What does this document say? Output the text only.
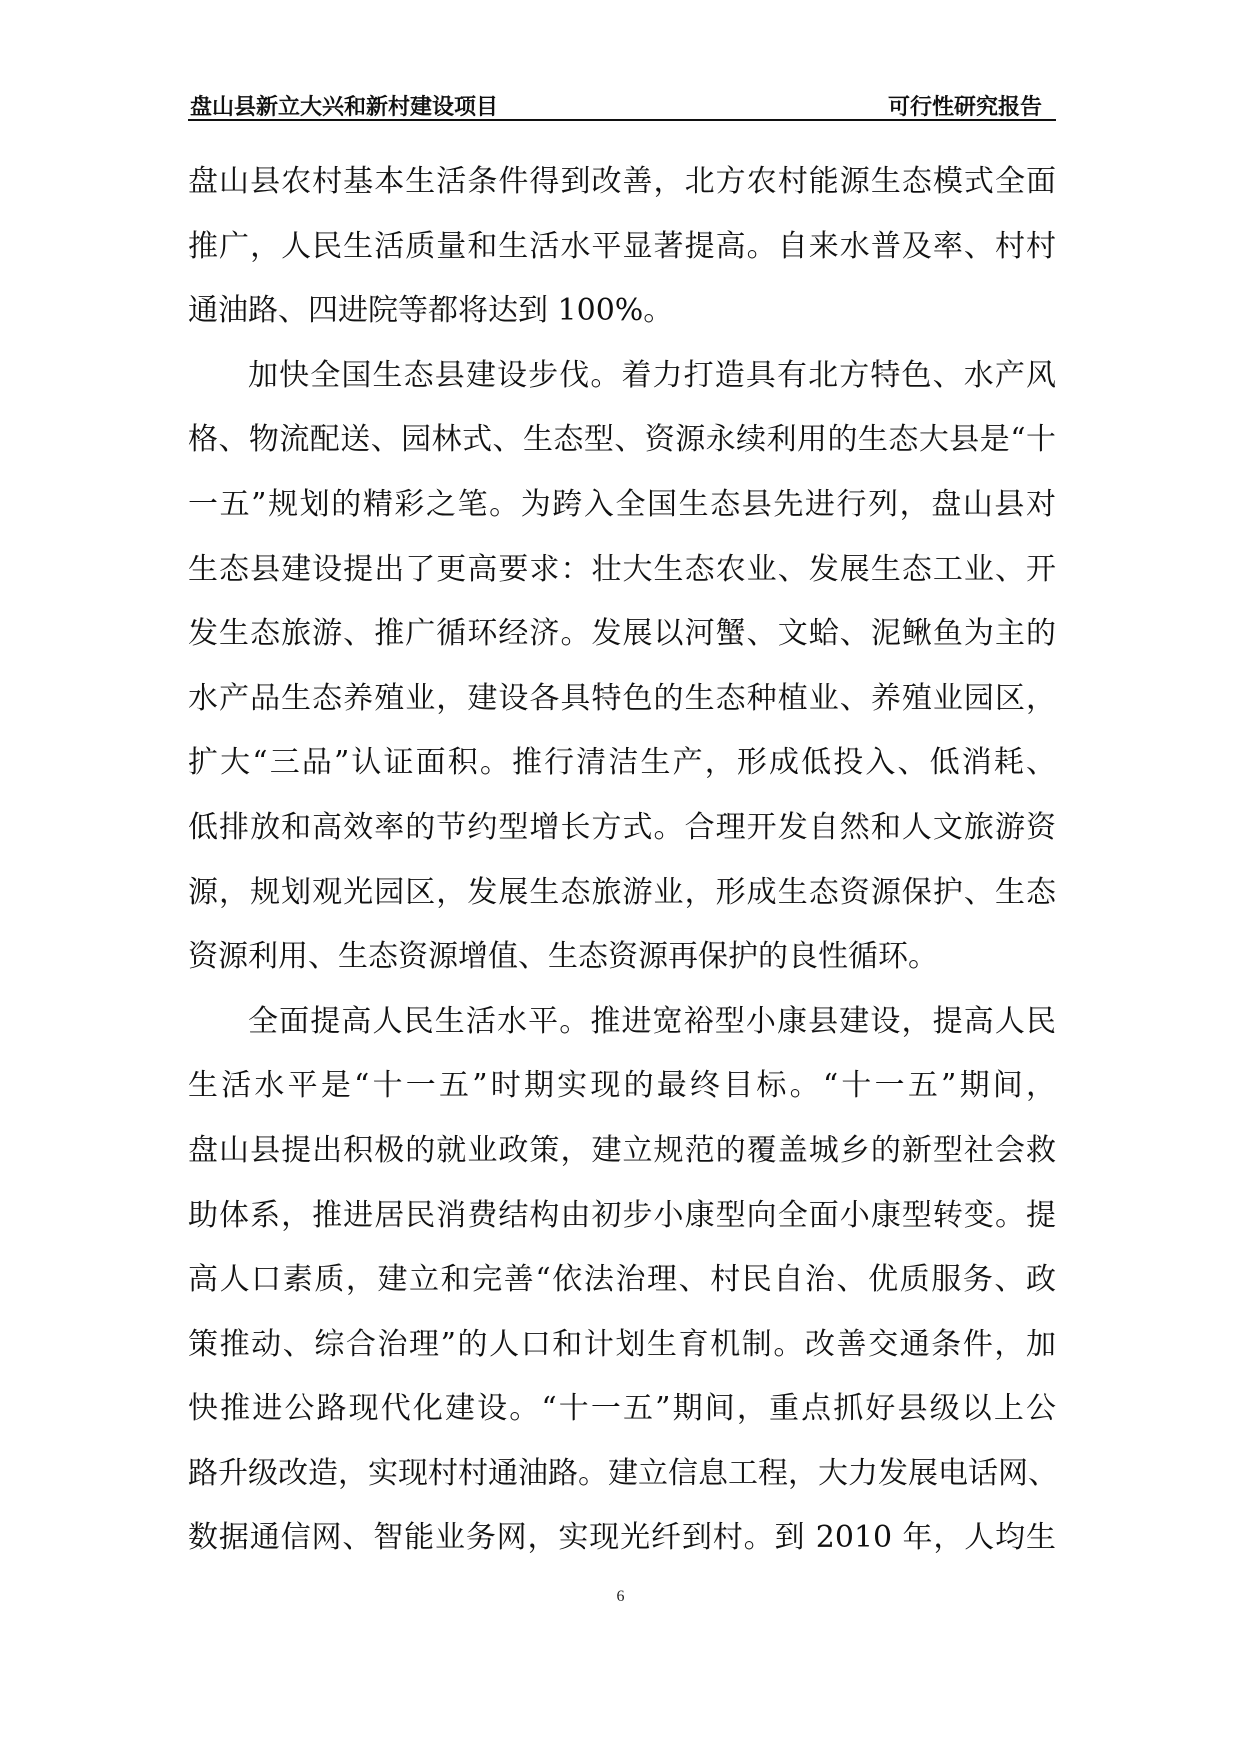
盘山县新立大兴和新村建设项目	可行性研究报告
盘山县农村基本生活条件得到改善，北方农村能源生态模式全面
推广，人民生活质量和生活水平显著提高。自来水普及率、村村
通油路、四进院等都将达到 100%。
加快全国生态县建设步伐。着力打造具有北方特色、水产风
格、物流配送、园林式、生态型、资源永续利用的生态大县是“十
一五”规划的精彩之笔。为跨入全国生态县先进行列，盘山县对
生态县建设提出了更高要求：壮大生态农业、发展生态工业、开
发生态旅游、推广循环经济。发展以河蟹、文蛤、泥鳅鱼为主的
水产品生态养殖业，建设各具特色的生态种植业、养殖业园区，
扩大“三品”认证面积。推行清洁生产，形成低投入、低消耗、
低排放和高效率的节约型增长方式。合理开发自然和人文旅游资
源，规划观光园区，发展生态旅游业，形成生态资源保护、生态
资源利用、生态资源增值、生态资源再保护的良性循环。
全面提高人民生活水平。推进宽裕型小康县建设，提高人民
生活水平是“十一五”时期实现的最终目标。“十一五”期间，
盘山县提出积极的就业政策，建立规范的覆盖城乡的新型社会救
助体系，推进居民消费结构由初步小康型向全面小康型转变。提
高人口素质，建立和完善“依法治理、村民自治、优质服务、政
策推动、综合治理”的人口和计划生育机制。改善交通条件，加
快推进公路现代化建设。“十一五”期间，重点抓好县级以上公
路升级改造，实现村村通油路。建立信息工程，大力发展电话网、
数据通信网、智能业务网，实现光纤到村。到 2010 年，人均生
6
